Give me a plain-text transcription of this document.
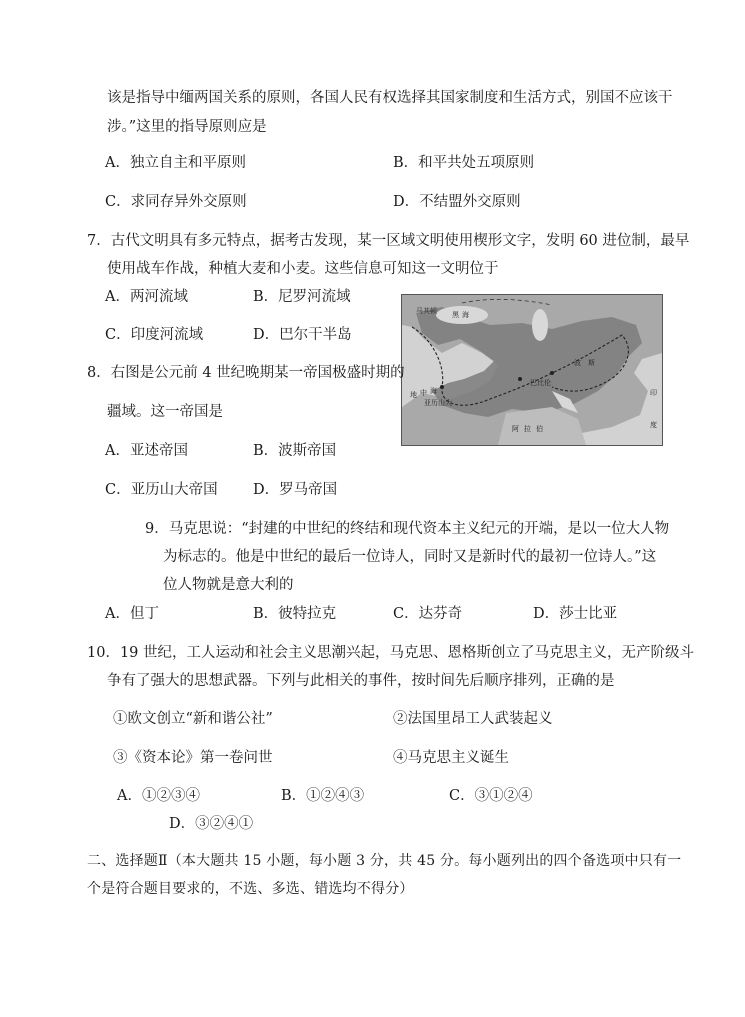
该是指导中缅两国关系的原则，各国人民有权选择其国家制度和生活方式，别国不应该干
涉。”这里的指导原则应是
A．独立自主和平原则	B．和平共处五项原则
C．求同存异外交原则	D．不结盟外交原则
7．古代文明具有多元特点，据考古发现，某一区域文明使用楔形文字，发明 60 进位制，最早
使用战车作战，种植大麦和小麦。这些信息可知这一文明位于
A．两河流域	B．尼罗河流域
C．印度河流域	D．巴尔干半岛
黑 海
马其顿
地 中 海
亚历山大
巴比伦
波 斯
阿 拉 伯
印
度
8．右图是公元前 4 世纪晚期某一帝国极盛时期的
疆域。这一帝国是
A．亚述帝国	B．波斯帝国
C．亚历山大帝国 D．罗马帝国
9．马克思说：“封建的中世纪的终结和现代资本主义纪元的开端，是以一位大人物
为标志的。他是中世纪的最后一位诗人，同时又是新时代的最初一位诗人。”这
位人物就是意大利的
A．但丁	B．彼特拉克	C．达芬奇	D．莎士比亚
10．19 世纪，工人运动和社会主义思潮兴起，马克思、恩格斯创立了马克思主义，无产阶级斗
争有了强大的思想武器。下列与此相关的事件，按时间先后顺序排列，正确的是
①欧文创立“新和谐公社”	②法国里昂工人武装起义
③《资本论》第一卷问世	④马克思主义诞生
A．①②③④	B．①②④③	C．③①②④
D．③②④①
二、选择题Ⅱ（本大题共 15 小题，每小题 3 分，共 45 分。每小题列出的四个备选项中只有一
个是符合题目要求的，不选、多选、错选均不得分）
